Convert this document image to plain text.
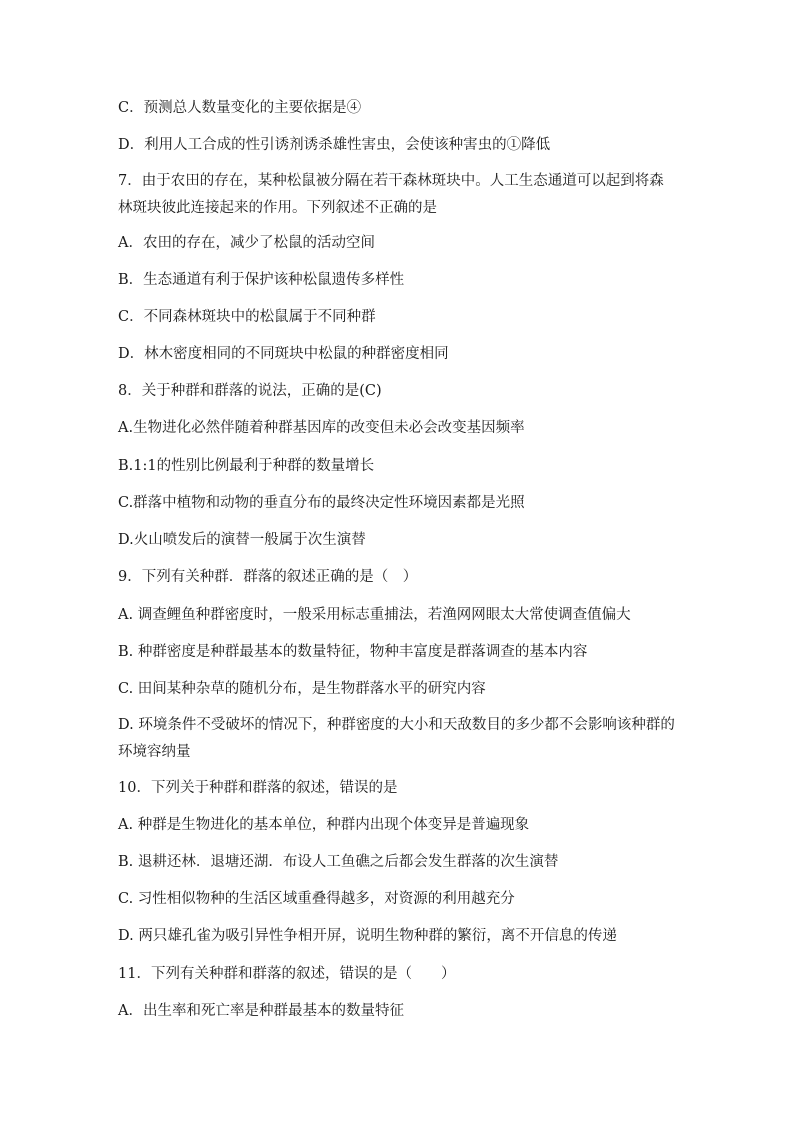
C．预测总人数量变化的主要依据是④
D．利用人工合成的性引诱剂诱杀雄性害虫，会使该种害虫的①降低
7．由于农田的存在，某种松鼠被分隔在若干森林斑块中。人工生态通道可以起到将森林斑块彼此连接起来的作用。下列叙述不正确的是
A．农田的存在，减少了松鼠的活动空间
B．生态通道有利于保护该种松鼠遗传多样性
C．不同森林斑块中的松鼠属于不同种群
D．林木密度相同的不同斑块中松鼠的种群密度相同
8．关于种群和群落的说法，正确的是(C)
A.生物进化必然伴随着种群基因库的改变但未必会改变基因频率
B.1:1的性别比例最利于种群的数量增长
C.群落中植物和动物的垂直分布的最终决定性环境因素都是光照
D.火山喷发后的演替一般属于次生演替
9．下列有关种群．群落的叙述正确的是（　）
A. 调查鲤鱼种群密度时，一般采用标志重捕法，若渔网网眼太大常使调查值偏大
B. 种群密度是种群最基本的数量特征，物种丰富度是群落调查的基本内容
C. 田间某种杂草的随机分布，是生物群落水平的研究内容
D. 环境条件不受破坏的情况下，种群密度的大小和天敌数目的多少都不会影响该种群的环境容纳量
10．下列关于种群和群落的叙述，错误的是
A. 种群是生物进化的基本单位，种群内出现个体变异是普遍现象
B. 退耕还林．退塘还湖．布设人工鱼礁之后都会发生群落的次生演替
C. 习性相似物种的生活区域重叠得越多，对资源的利用越充分
D. 两只雄孔雀为吸引异性争相开屏，说明生物种群的繁衍，离不开信息的传递
11．下列有关种群和群落的叙述，错误的是（　　）
A．出生率和死亡率是种群最基本的数量特征
